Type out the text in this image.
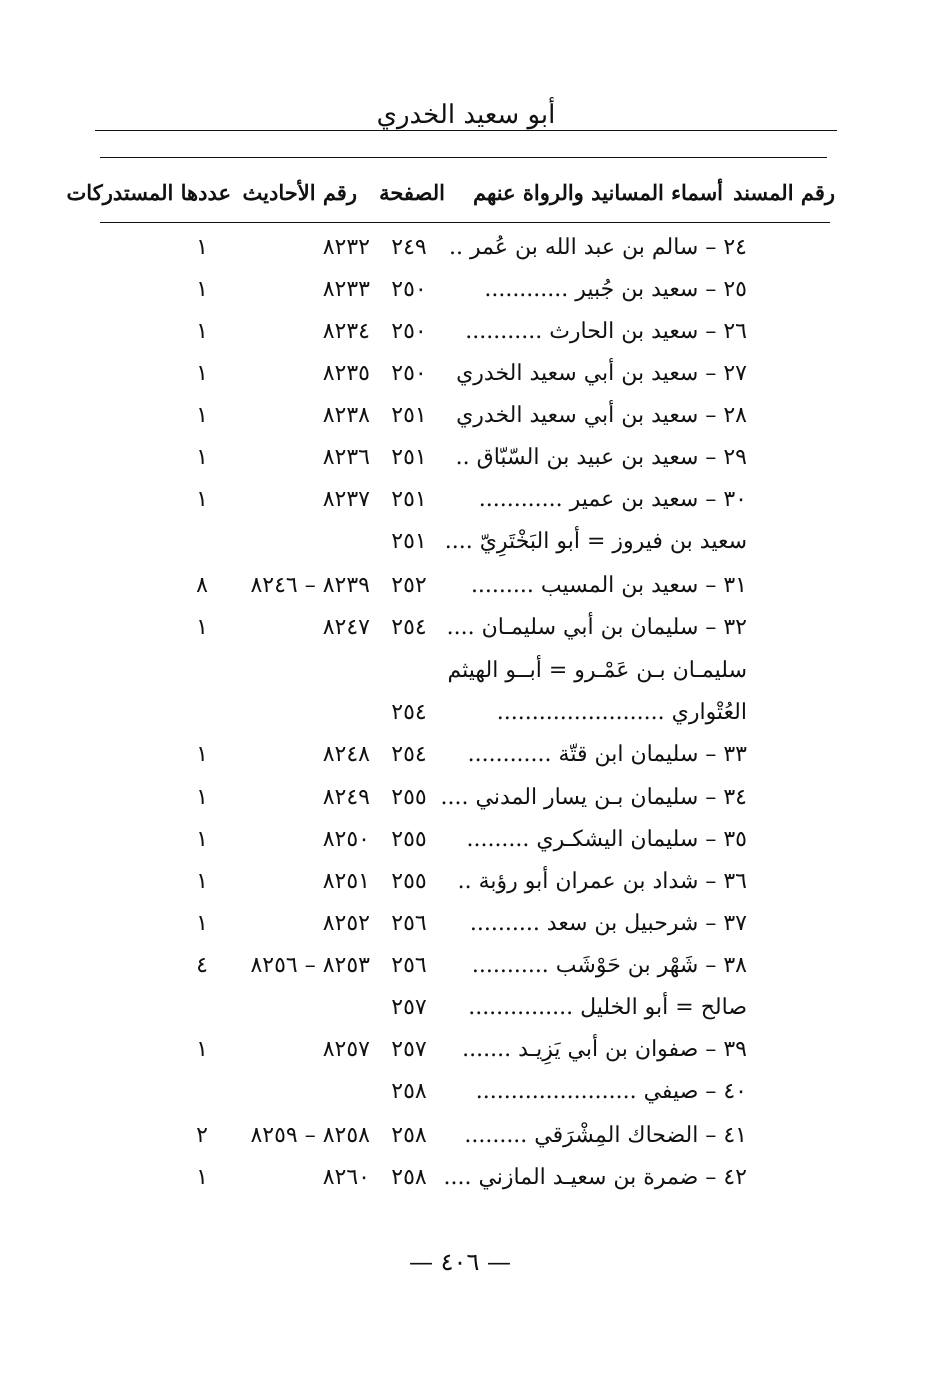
أبو سعيد الخدري
رقم المسند
أسماء المسانيد والرواة عنهم
الصفحة
رقم الأحاديث
عددها المستدركات
٢٤ – سالم بن عبد الله بن عُمر ..
٢٤٩
٨٢٣٢
١
٢٥ – سعيد بن جُبير ............
٢٥٠
٨٢٣٣
١
٢٦ – سعيد بن الحارث ...........
٢٥٠
٨٢٣٤
١
٢٧ – سعيد بن أبي سعيد الخدري
٢٥٠
٨٢٣٥
١
٢٨ – سعيد بن أبي سعيد الخدري
٢٥١
٨٢٣٨
١
٢٩ – سعيد بن عبيد بن السّبّاق ..
٢٥١
٨٢٣٦
١
٣٠ – سعيد بن عمير ............
٢٥١
٨٢٣٧
١
سعيد بن فيروز = أبو البَخْتَرِيّ ....
٢٥١
٣١ – سعيد بن المسيب .........
٢٥٢
٨٢٣٩ – ٨٢٤٦
٨
٣٢ – سليمان بن أبي سليمـان ....
٢٥٤
٨٢٤٧
١
سليمـان بـن عَمْـرو = أبــو الهيثم
العُتْواري ........................
٢٥٤
٣٣ – سليمان ابن قتّة ............
٢٥٤
٨٢٤٨
١
٣٤ – سليمان بـن يسار المدني ....
٢٥٥
٨٢٤٩
١
٣٥ – سليمان اليشكـري .........
٢٥٥
٨٢٥٠
١
٣٦ – شداد بن عمران أبو رؤبة ..
٢٥٥
٨٢٥١
١
٣٧ – شرحبيل بن سعد ..........
٢٥٦
٨٢٥٢
١
٣٨ – شَهْر بن حَوْشَب ...........
٢٥٦
٨٢٥٣ – ٨٢٥٦
٤
صالح = أبو الخليل ...............
٢٥٧
٣٩ – صفوان بن أبي يَزِيـد .......
٢٥٧
٨٢٥٧
١
٤٠ – صيفي .......................
٢٥٨
٤١ – الضحاك المِشْرَقي .........
٢٥٨
٨٢٥٨ – ٨٢٥٩
٢
٤٢ – ضمرة بن سعيـد المازني ....
٢٥٨
٨٢٦٠
١
— ٤٠٦ —
